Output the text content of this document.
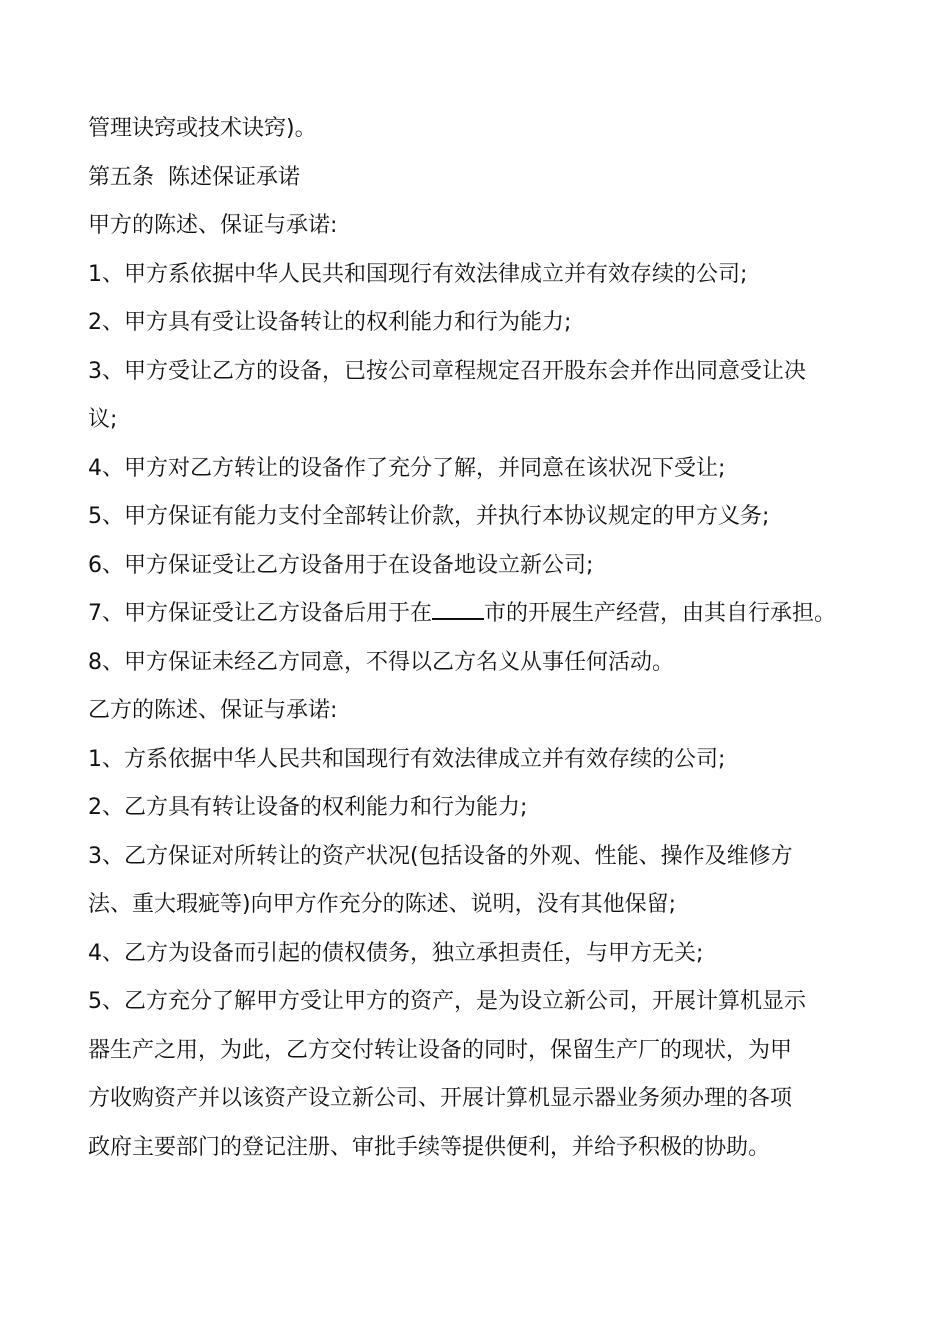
管理诀窍或技术诀窍)。
第五条  陈述保证承诺
甲方的陈述、保证与承诺:
1、甲方系依据中华人民共和国现行有效法律成立并有效存续的公司;
2、甲方具有受让设备转让的权利能力和行为能力;
3、甲方受让乙方的设备，已按公司章程规定召开股东会并作出同意受让决
议;
4、甲方对乙方转让的设备作了充分了解，并同意在该状况下受让;
5、甲方保证有能力支付全部转让价款，并执行本协议规定的甲方义务;
6、甲方保证受让乙方设备用于在设备地设立新公司;
7、甲方保证受让乙方设备后用于在 市的开展生产经营，由其自行承担。
8、甲方保证未经乙方同意，不得以乙方名义从事任何活动。
乙方的陈述、保证与承诺:
1、方系依据中华人民共和国现行有效法律成立并有效存续的公司;
2、乙方具有转让设备的权利能力和行为能力;
3、乙方保证对所转让的资产状况(包括设备的外观、性能、操作及维修方
法、重大瑕疵等)向甲方作充分的陈述、说明，没有其他保留;
4、乙方为设备而引起的债权债务，独立承担责任，与甲方无关;
5、乙方充分了解甲方受让甲方的资产，是为设立新公司，开展计算机显示
器生产之用，为此，乙方交付转让设备的同时，保留生产厂的现状，为甲
方收购资产并以该资产设立新公司、开展计算机显示器业务须办理的各项
政府主要部门的登记注册、审批手续等提供便利，并给予积极的协助。
